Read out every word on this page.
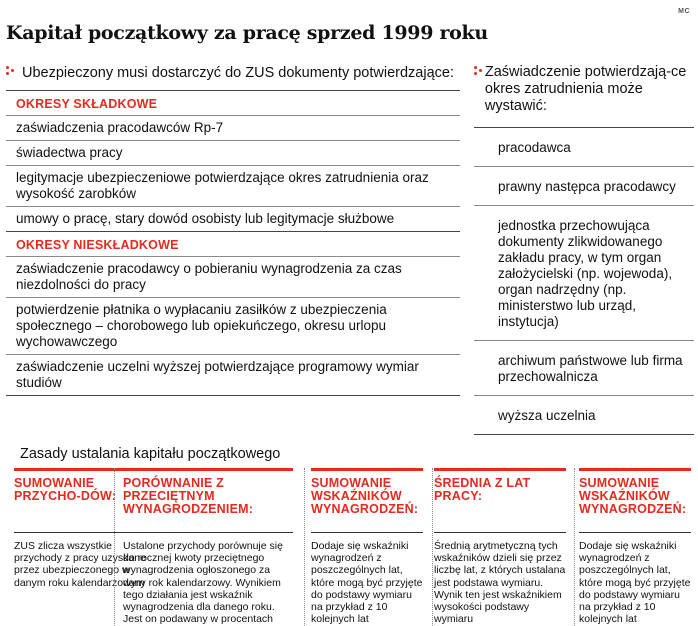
MC
Kapitał początkowy za pracę sprzed 1999 roku
Ubezpieczony musi dostarczyć do ZUS dokumenty potwierdzające:
OKRESY SKŁADKOWE
zaświadczenia pracodawców Rp-7
świadectwa pracy
legitymacje ubezpieczeniowe potwierdzające okres zatrudnienia oraz wysokość zarobków
umowy o pracę, stary dowód osobisty lub legitymacje służbowe
OKRESY NIESKŁADKOWE
zaświadczenie pracodawcy o pobieraniu wynagrodzenia za czas niezdolności do pracy
potwierdzenie płatnika o wypłacaniu zasiłków z ubezpieczenia społecznego – chorobowego lub opiekuńczego, okresu urlopu wychowawczego
zaświadczenie uczelni wyższej potwierdzające programowy wymiar studiów
Zaświadczenie potwierdzają-ce okres zatrudnienia może wystawić:
pracodawca
prawny następca pracodawcy
jednostka przechowująca dokumenty zlikwidowanego zakładu pracy, w tym organ założycielski (np. wojewoda), organ nadrzędny (np. ministerstwo lub urząd, instytucja)
archiwum państwowe lub firma przechowalnicza
wyższa uczelnia
Zasady ustalania kapitału początkowego
SUMOWANIE PRZYCHO-DÓW:
ZUS zlicza wszystkie przychody z pracy uzyskane przez ubezpieczonego w danym roku kalendarzowym
PORÓWNANIE Z PRZECIĘTNYM WYNAGRODZENIEM:
Ustalone przychody porównuje się do rocznej kwoty przeciętnego wynagrodzenia ogłoszonego za dany rok kalendarzowy. Wynikiem tego działania jest wskaźnik wynagrodzenia dla danego roku. Jest on podawany w procentach
SUMOWANIE WSKAŹNIKÓW WYNAGRODZEŃ:
Dodaje się wskaźniki wynagrodzeń z poszczególnych lat, które mogą być przyjęte do podstawy wymiaru na przykład z 10 kolejnych lat
ŚREDNIA Z LAT PRACY:
Średnią arytmetyczną tych wskaźników dzieli się przez liczbę lat, z których ustalana jest podstawa wymiaru. Wynik ten jest wskaźnikiem wysokości podstawy wymiaru
SUMOWANIE WSKAŹNIKÓW WYNAGRODZEŃ:
Dodaje się wskaźniki wynagrodzeń z poszczególnych lat, które mogą być przyjęte do podstawy wymiaru na przykład z 10 kolejnych lat
